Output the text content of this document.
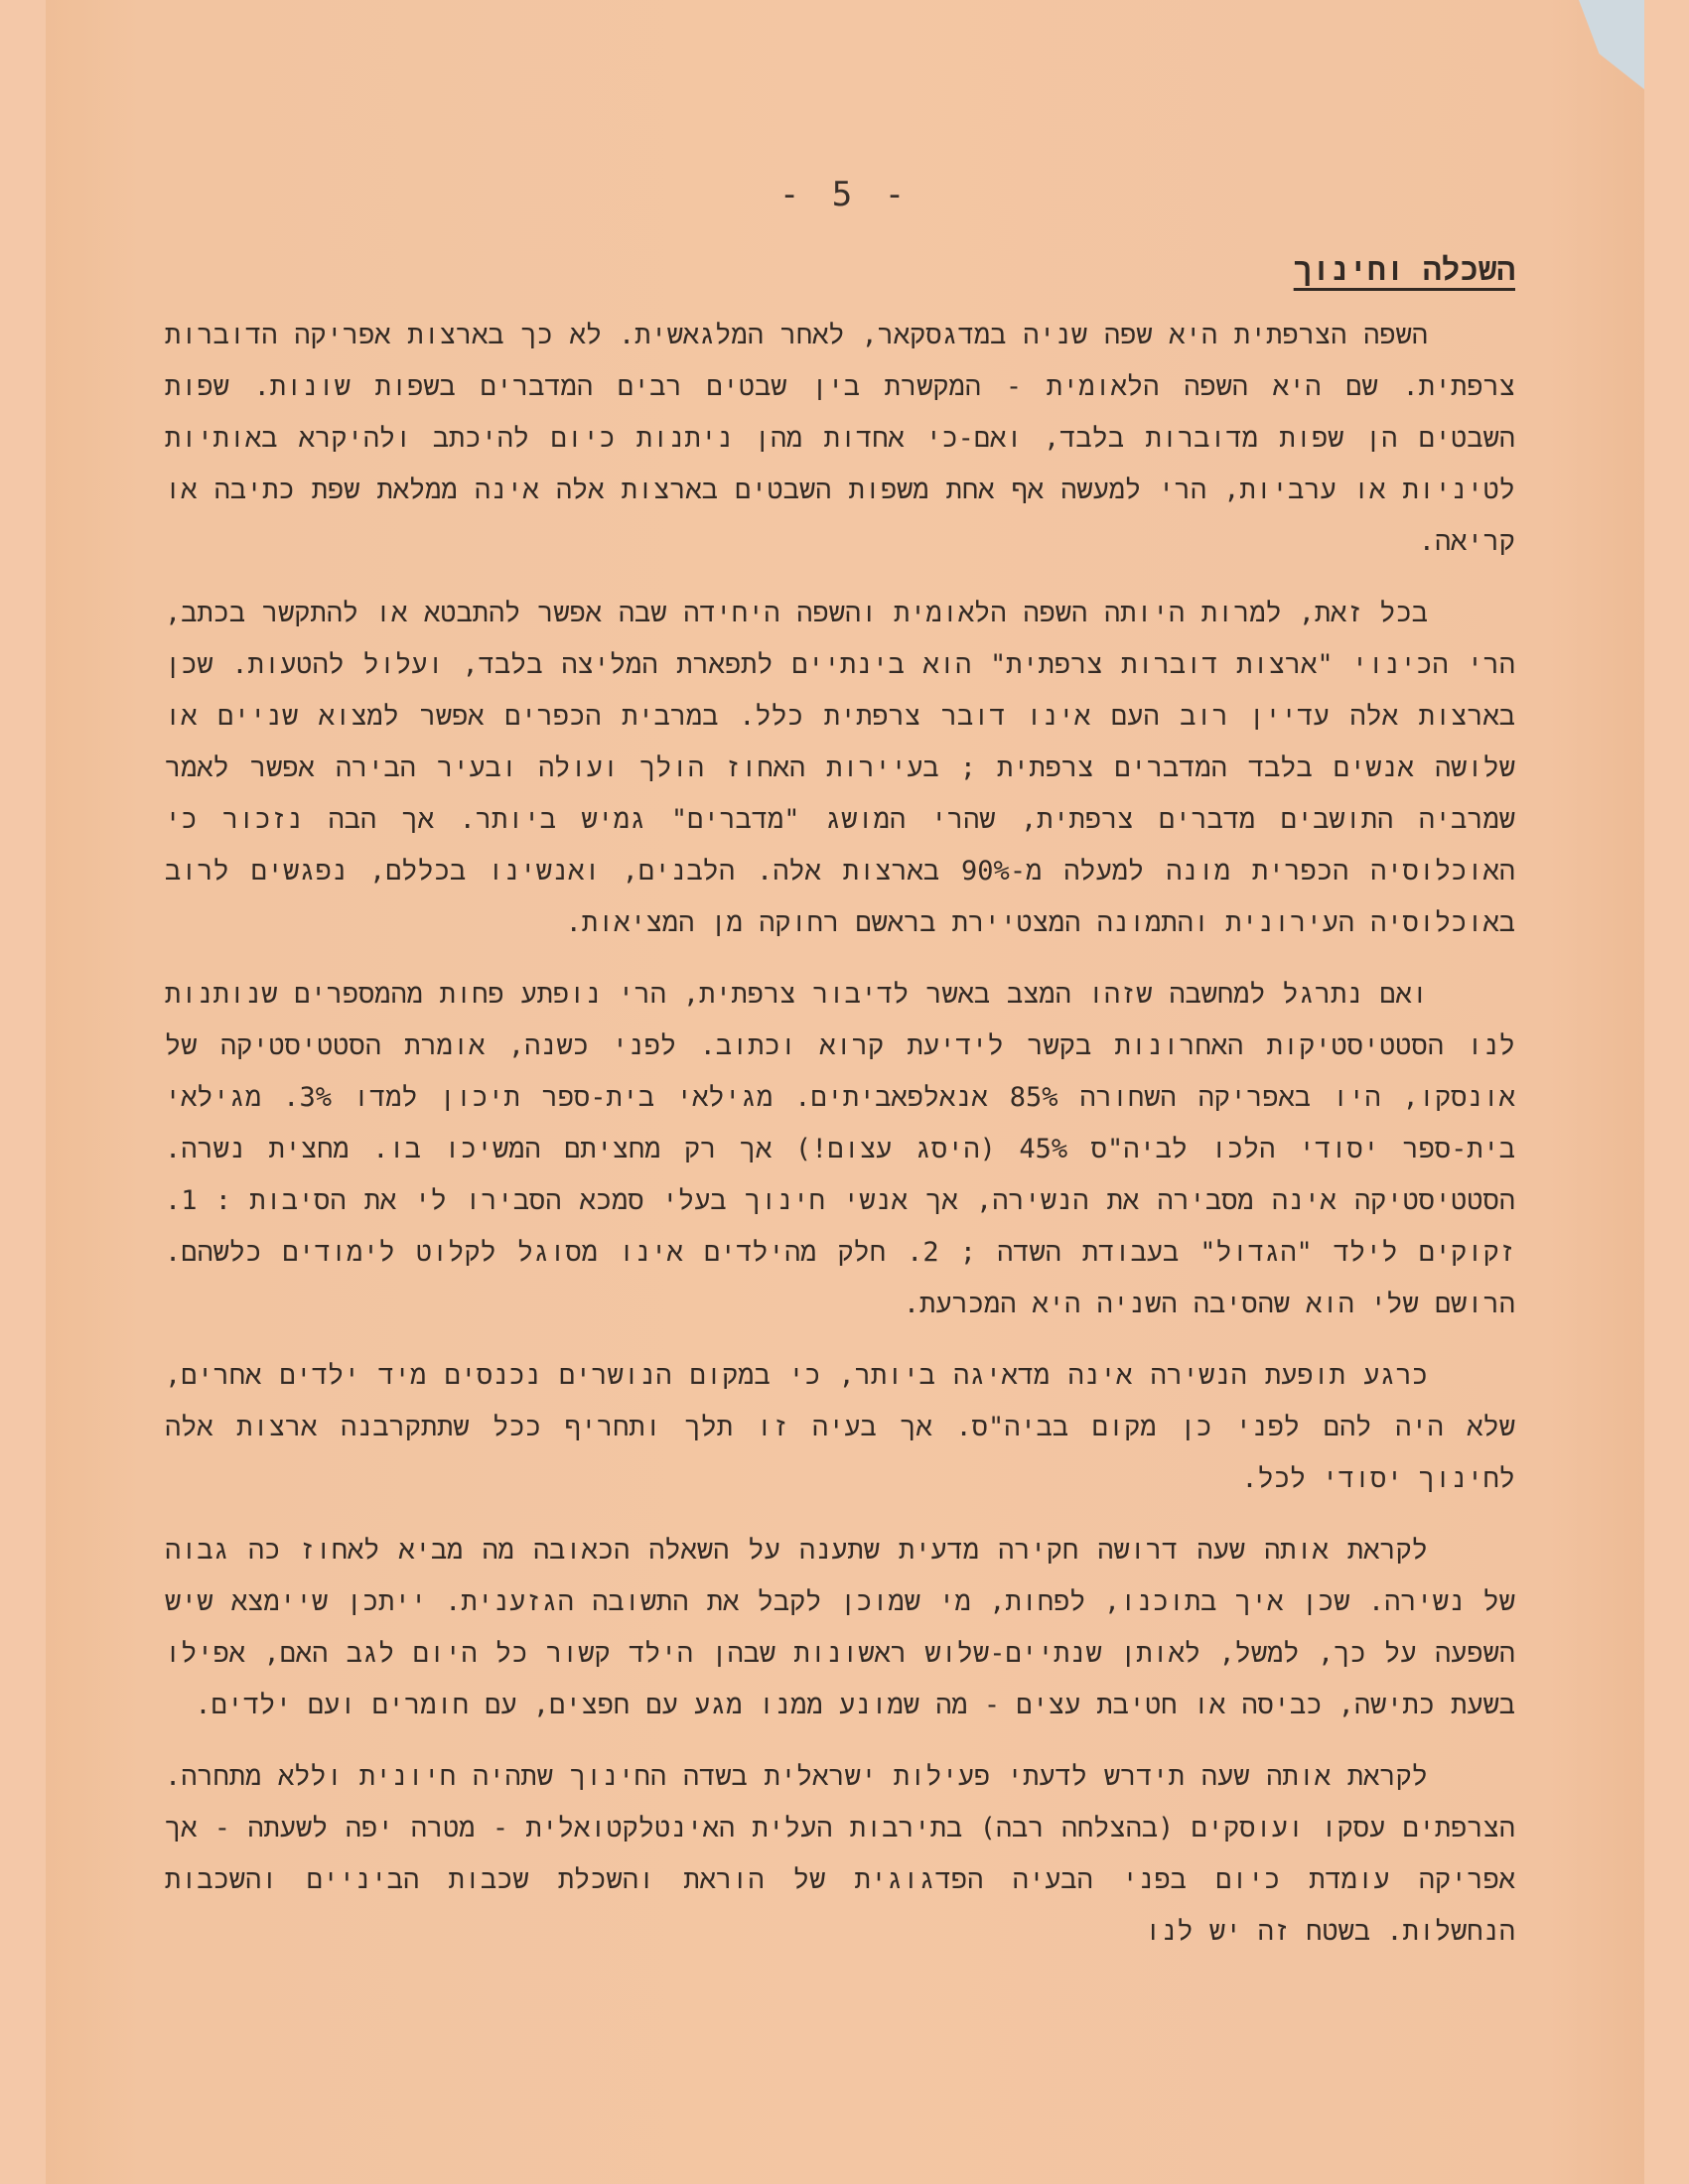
- 5 -
השכלה וחינוך

השפה הצרפתית היא שפה שניה במדגסקאר, לאחר המלגאשית. לא כך בארצות אפריקה הדוברות צרפתית. שם היא השפה הלאומית - המקשרת בין שבטים רבים המדברים בשפות שונות. שפות השבטים הן שפות מדוברות בלבד, ואם-כי אחדות מהן ניתנות כיום להיכתב ולהיקרא באותיות לטיניות או ערביות, הרי למעשה אף אחת משפות השבטים בארצות אלה אינה ממלאת שפת כתיבה או קריאה.

בכל זאת, למרות היותה השפה הלאומית והשפה היחידה שבה אפשר להתבטא או להתקשר בכתב, הרי הכינוי "ארצות דוברות צרפתית" הוא בינתיים לתפארת המליצה בלבד, ועלול להטעות. שכן בארצות אלה עדיין רוב העם אינו דובר צרפתית כלל. במרבית הכפרים אפשר למצוא שניים או שלושה אנשים בלבד המדברים צרפתית ; בעיירות האחוז הולך ועולה ובעיר הבירה אפשר לאמר שמרביה התושבים מדברים צרפתית, שהרי המושג "מדברים" גמיש ביותר. אך הבה נזכור כי האוכלוסיה הכפרית מונה למעלה מ-90% בארצות אלה. הלבנים, ואנשינו בכללם, נפגשים לרוב באוכלוסיה העירונית והתמונה המצטיירת בראשם רחוקה מן המציאות.

ואם נתרגל למחשבה שזהו המצב באשר לדיבור צרפתית, הרי נופתע פחות מהמספרים שנותנות לנו הסטטיסטיקות האחרונות בקשר לידיעת קרוא וכתוב. לפני כשנה, אומרת הסטטיסטיקה של אונסקו, היו באפריקה השחורה 85% אנאלפאביתים. מגילאי בית-ספר תיכון למדו 3%. מגילאי בית-ספר יסודי הלכו לביה"ס 45% (היסג עצום!) אך רק מחציתם המשיכו בו. מחצית נשרה. הסטטיסטיקה אינה מסבירה את הנשירה, אך אנשי חינוך בעלי סמכא הסבירו לי את הסיבות : 1. זקוקים לילד "הגדול" בעבודת השדה ; 2. חלק מהילדים אינו מסוגל לקלוט לימודים כלשהם. הרושם שלי הוא שהסיבה השניה היא המכרעת.

כרגע תופעת הנשירה אינה מדאיגה ביותר, כי במקום הנושרים נכנסים מיד ילדים אחרים, שלא היה להם לפני כן מקום בביה"ס. אך בעיה זו תלך ותחריף ככל שתתקרבנה ארצות אלה לחינוך יסודי לכל.

לקראת אותה שעה דרושה חקירה מדעית שתענה על השאלה הכאובה מה מביא לאחוז כה גבוה של נשירה. שכן איך בתוכנו, לפחות, מי שמוכן לקבל את התשובה הגזענית. ייתכן שיימצא שיש השפעה על כך, למשל, לאותן שנתיים-שלוש ראשונות שבהן הילד קשור כל היום לגב האם, אפילו בשעת כתישה, כביסה או חטיבת עצים - מה שמונע ממנו מגע עם חפצים, עם חומרים ועם ילדים.

לקראת אותה שעה תידרש לדעתי פעילות ישראלית בשדה החינוך שתהיה חיונית וללא מתחרה. הצרפתים עסקו ועוסקים (בהצלחה רבה) בתירבות העלית האינטלקטואלית - מטרה יפה לשעתה - אך אפריקה עומדת כיום בפני הבעיה הפדגוגית של הוראת והשכלת שכבות הביניים והשכבות הנחשלות. בשטח זה יש לנו
